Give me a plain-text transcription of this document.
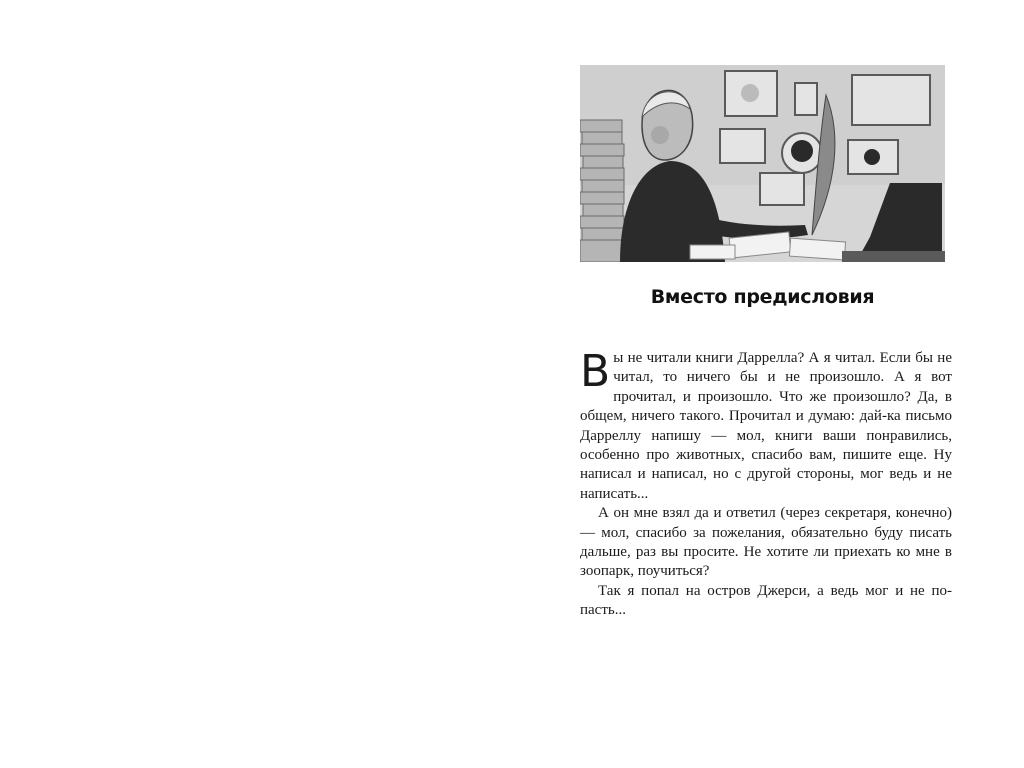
Вместо предисловия

Вы не читали книги Даррелла? А я читал. Если бы не читал, то ничего бы и не произошло. А я вот прочитал, и произошло. Что же произошло? Да, в общем, ничего такого. Прочитал и думаю: дай-ка письмо Дарреллу напишу — мол, книги ваши понравились, особенно про животных, спасибо вам, пишите еще. Ну написал и написал, но с другой стороны, мог ведь и не написать...

А он мне взял да и ответил (через секретаря, конечно) — мол, спасибо за пожелания, обязательно буду писать дальше, раз вы просите. Не хотите ли приехать ко мне в зоопарк, поучиться?

Так я попал на остров Джерси, а ведь мог и не попасть...
